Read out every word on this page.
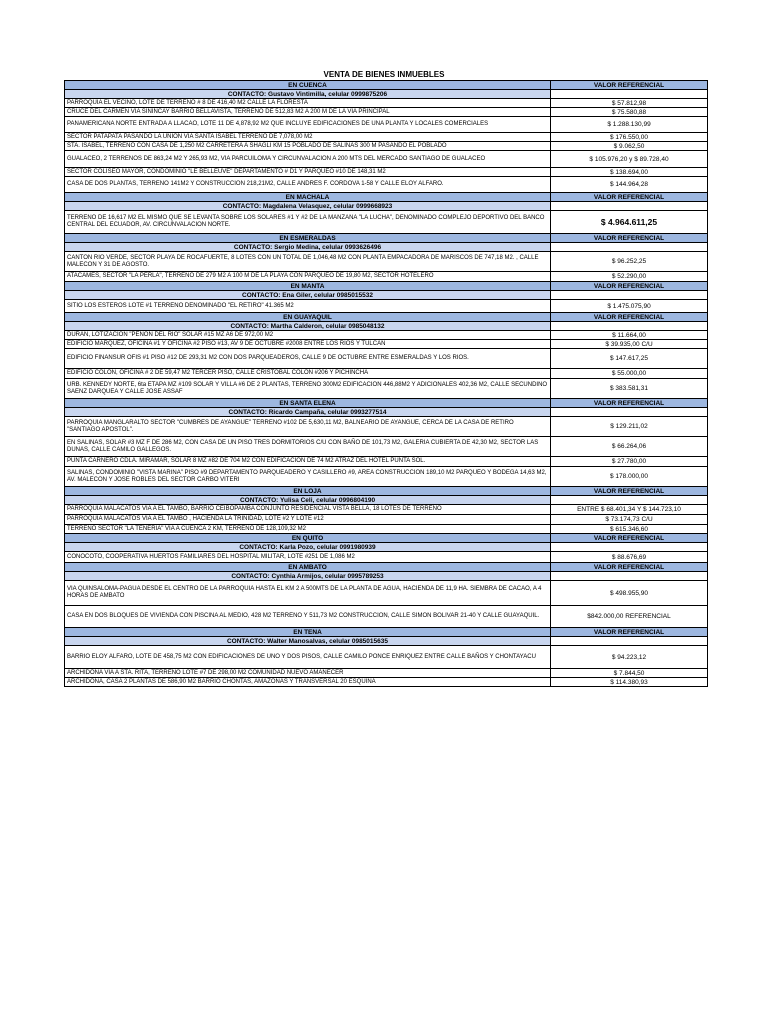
VENTA DE BIENES INMUEBLES
EN CUENCA	VALOR REFERENCIAL
CONTACTO: Gustavo Vintimilla, celular 0999875206	
PARROQUIA EL VECINO, LOTE DE TERRENO # 8 DE 416,40 M2 CALLE LA FLORESTA	$ 57.812,98
CRUCE DEL CARMEN VIA SININCAY BARRIO BELLAVISTA, TERRENO DE 512,83 M2 A 200 M DE LA VIA PRINCIPAL	$ 75.580,88
PANAMERICANA NORTE ENTRADA A LLACAO, LOTE 11 DE 4,878,92 M2 QUE INCLUYE EDIFICACIONES DE UNA PLANTA Y LOCALES COMERCIALES	$ 1.288.130,99
SECTOR PATAPATA PASANDO LA UNION VIA SANTA ISABEL TERRENO DE 7,078,00 M2	$ 176.550,00
STA. ISABEL, TERRENO CON CASA DE 1,250 M2 CARRETERA A SHAGLI KM 15 POBLADO DE SALINAS 300 M PASANDO EL POBLADO	$ 9.062,50
GUALACEO, 2 TERRENOS DE 863,24 M2 Y 265,93 M2, VIA PARCUILOMA Y CIRCUNVALACION A 200 MTS DEL MERCADO SANTIAGO DE GUALACEO	$ 105.976,20 y $ 89.728,40
SECTOR COLISEO MAYOR, CONDOMINIO "LE BELLEUVE" DEPARTAMENTO # D1 Y PARQUEO #10 DE 148,31 M2	$ 138.694,00
CASA DE DOS PLANTAS, TERRENO 141M2 Y CONSTRUCCION 218,21M2, CALLE ANDRES F. CORDOVA 1-58 Y CALLE ELOY ALFARO.	$ 144.964,28
EN MACHALA	VALOR REFERENCIAL
CONTACTO: Magdalena Velasquez, celular 0999668923	
TERRENO DE 16,617 M2 EL MISMO QUE SE LEVANTA SOBRE LOS SOLARES #1 Y #2 DE LA MANZANA "LA LUCHA", DENOMINADO COMPLEJO DEPORTIVO DEL BANCO CENTRAL DEL ECUADOR, AV. CIRCUNVALACION NORTE.	$ 4.964.611,25
EN ESMERALDAS	VALOR REFERENCIAL
CONTACTO: Sergio Medina, celular 0993626496	
CANTON RIO VERDE, SECTOR PLAYA DE ROCAFUERTE, 8 LOTES CON UN TOTAL DE 1,046,48 M2 CON PLANTA EMPACADORA DE MARISCOS DE 747,18 M2. , CALLE MALECON Y 31 DE AGOSTO.	$ 96.252,25
ATACAMES, SECTOR "LA PERLA", TERRENO DE 279 M2 A 100 M DE LA PLAYA CON PARQUEO DE 19,80 M2, SECTOR HOTELERO	$ 52.290,00
EN MANTA	VALOR REFERENCIAL
CONTACTO: Ena Giler, celular 0985015532	
SITIO LOS ESTEROS LOTE #1 TERRENO DENOMINADO "EL RETIRO" 41.365 M2	$ 1.475.075,90
EN GUAYAQUIL	VALOR REFERENCIAL
CONTACTO: Martha Calderon, celular 0985048132	
DURAN, LOTIZACION "PEÑON DEL RIO" SOLAR #15 MZ A6 DE 972,00 M2	$ 11.664,00
EDIFICIO MARQUEZ, OFICINA #1 Y OFICINA #2 PISO #13, AV 9 DE OCTUBRE #2008 ENTRE LOS RIOS Y TULCAN	$ 39.935,00 C/U
EDIFICIO FINANSUR OFIS #1 PISO #12 DE 293,31 M2 CON DOS PARQUEADEROS, CALLE 9 DE OCTUBRE ENTRE ESMERALDAS Y LOS RIOS.	$ 147.617,25
EDIFICIO COLON, OFICINA # 2 DE 59,47 M2 TERCER PISO, CALLE CRISTOBAL COLON #206 Y PICHINCHA	$ 55.000,00
URB. KENNEDY NORTE, 6ta ETAPA MZ #109 SOLAR Y VILLA #6 DE 2 PLANTAS, TERRENO 300M2 EDIFICACION 446,88M2 Y ADICIONALES 402,36 M2, CALLE SECUNDINO SAENZ DARQUEA Y CALLE JOSE ASSAF	$ 383.581,31
EN SANTA ELENA	VALOR REFERENCIAL
CONTACTO: Ricardo Campaña, celular 0993277514	
PARROQUIA MANGLARALTO SECTOR "CUMBRES DE AYANGUE" TERRENO #102 DE 5,630,11 M2, BALNEARIO DE AYANGUE, CERCA DE LA CASA DE RETIRO "SANTIAGO APOSTOL".	$ 129.211,02
EN SALINAS, SOLAR #3 MZ F DE 286 M2, CON CASA DE UN PISO TRES DORMITORIOS C/U CON BAÑO DE 101,73 M2, GALERIA CUBIERTA DE 42,30 M2, SECTOR LAS DUNAS, CALLE CAMILO GALLEGOS.	$ 66.264,06
PUNTA CARNERO CDLA. MIRAMAR, SOLAR 8 MZ #82 DE 704 M2 CON EDIFICACION DE 74 M2 ATRAZ DEL HOTEL PUNTA SOL.	$ 27.780,00
SALINAS, CONDOMINIO "VISTA MARINA" PISO #9 DEPARTAMENTO PARQUEADERO Y CASILLERO #9, AREA CONSTRUCCION 189,10 M2 PARQUEO Y BODEGA 14,63 M2, AV. MALECON Y JOSE ROBLES DEL SECTOR CARBO VITERI	$ 178.000,00
EN LOJA	VALOR REFERENCIAL
CONTACTO: Yulisa Celi, celular 0996804190	
PARROQUIA MALACATOS VIA A EL TAMBO, BARRIO CEIBOPAMBA CONJUNTO RESIDENCIAL VISTA BELLA, 18 LOTES DE TERRENO	ENTRE $ 68.401,34 Y $ 144.723,10
PARROQUIA MALACATOS VIA A EL TAMBO , HACIENDA LA TRINIDAD, LOTE #2 Y LOTE #12	$ 73.174,73 C/U
TERRENO SECTOR "LA TENERIA" VIA A CUENCA 2 KM, TERRENO DE 128,109,32 M2	$ 615.346,60
EN QUITO	VALOR REFERENCIAL
CONTACTO: Karla Pozo, celular 0991980939	
CONOCOTO, COOPERATIVA HUERTOS FAMILIARES DEL HOSPITAL MILITAR, LOTE #251 DE 1,086 M2	$ 88.676,69
EN AMBATO	VALOR REFERENCIAL
CONTACTO: Cynthia Armijos, celular 0995789253	
VIA QUINSALOMA-PAGUA DESDE EL CENTRO DE LA PARROQUIA HASTA EL KM 2 A 500MTS DE LA PLANTA DE AGUA, HACIENDA DE 11,9 HA. SIEMBRA DE CACAO, A 4 HORAS DE AMBATO	$ 498.955,90
CASA EN DOS BLOQUES DE VIVIENDA CON PISCINA AL MEDIO, 428 M2 TERRENO Y 511,73 M2 CONSTRUCCION, CALLE SIMON BOLIVAR 21-40 Y CALLE GUAYAQUIL.	$842.000,00 REFERENCIAL
EN TENA	VALOR REFERENCIAL
CONTACTO: Walter Manosalvas, celular 0985015635	
BARRIO ELOY ALFARO, LOTE DE 458,75 M2 CON EDIFICACIONES DE UNO Y DOS PISOS, CALLE CAMILO PONCE ENRIQUEZ ENTRE CALLE BAÑOS Y CHONTAYACU	$ 94.223,12
ARCHIDONA VIA A STA. RITA, TERRENO LOTE #7 DE 298,00 M2 COMUNIDAD NUEVO AMANECER	$ 7.844,50
ARCHIDONA, CASA 2 PLANTAS DE 586,90 M2 BARRIO CHONTAS, AMAZONAS Y TRANSVERSAL 20 ESQUINA	$ 114.380,93
